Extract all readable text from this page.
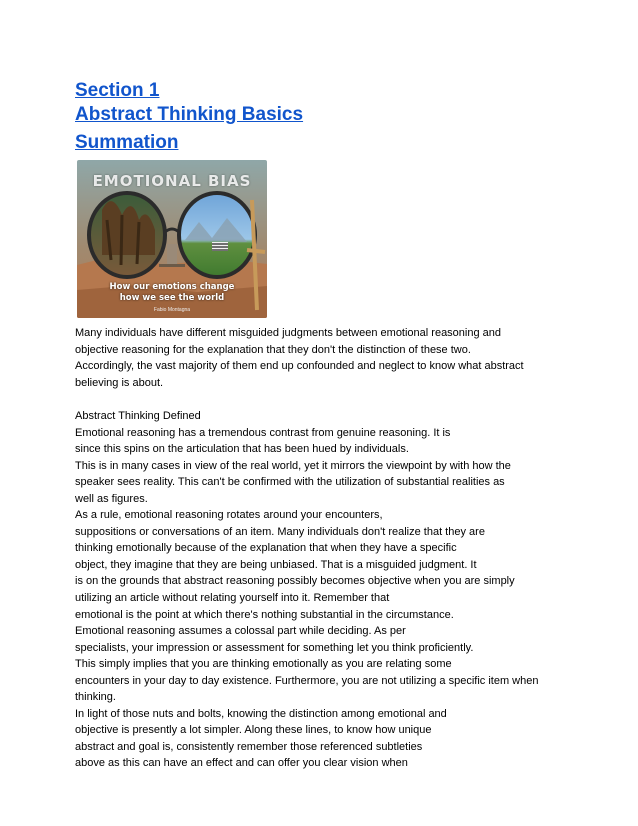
Section 1
Abstract Thinking Basics
Summation
EMOTIONAL BIAS
How our emotions change
how we see the world
Fabio Montagna
Many individuals have different misguided judgments between emotional reasoning and
objective reasoning for the explanation that they don't the distinction of these two.
Accordingly, the vast majority of them end up confounded and neglect to know what abstract
believing is about.
Abstract Thinking Defined
Emotional reasoning has a tremendous contrast from genuine reasoning. It is
since this spins on the articulation that has been hued by individuals.
This is in many cases in view of the real world, yet it mirrors the viewpoint by with how the
speaker sees reality. This can't be confirmed with the utilization of substantial realities as
well as figures.
As a rule, emotional reasoning rotates around your encounters,
suppositions or conversations of an item. Many individuals don't realize that they are
thinking emotionally because of the explanation that when they have a specific
object, they imagine that they are being unbiased. That is a misguided judgment. It
is on the grounds that abstract reasoning possibly becomes objective when you are simply
utilizing an article without relating yourself into it. Remember that
emotional is the point at which there's nothing substantial in the circumstance.
Emotional reasoning assumes a colossal part while deciding. As per
specialists, your impression or assessment for something let you think proficiently.
This simply implies that you are thinking emotionally as you are relating some
encounters in your day to day existence. Furthermore, you are not utilizing a specific item when
thinking.
In light of those nuts and bolts, knowing the distinction among emotional and
objective is presently a lot simpler. Along these lines, to know how unique
abstract and goal is, consistently remember those referenced subtleties
above as this can have an effect and can offer you clear vision when
